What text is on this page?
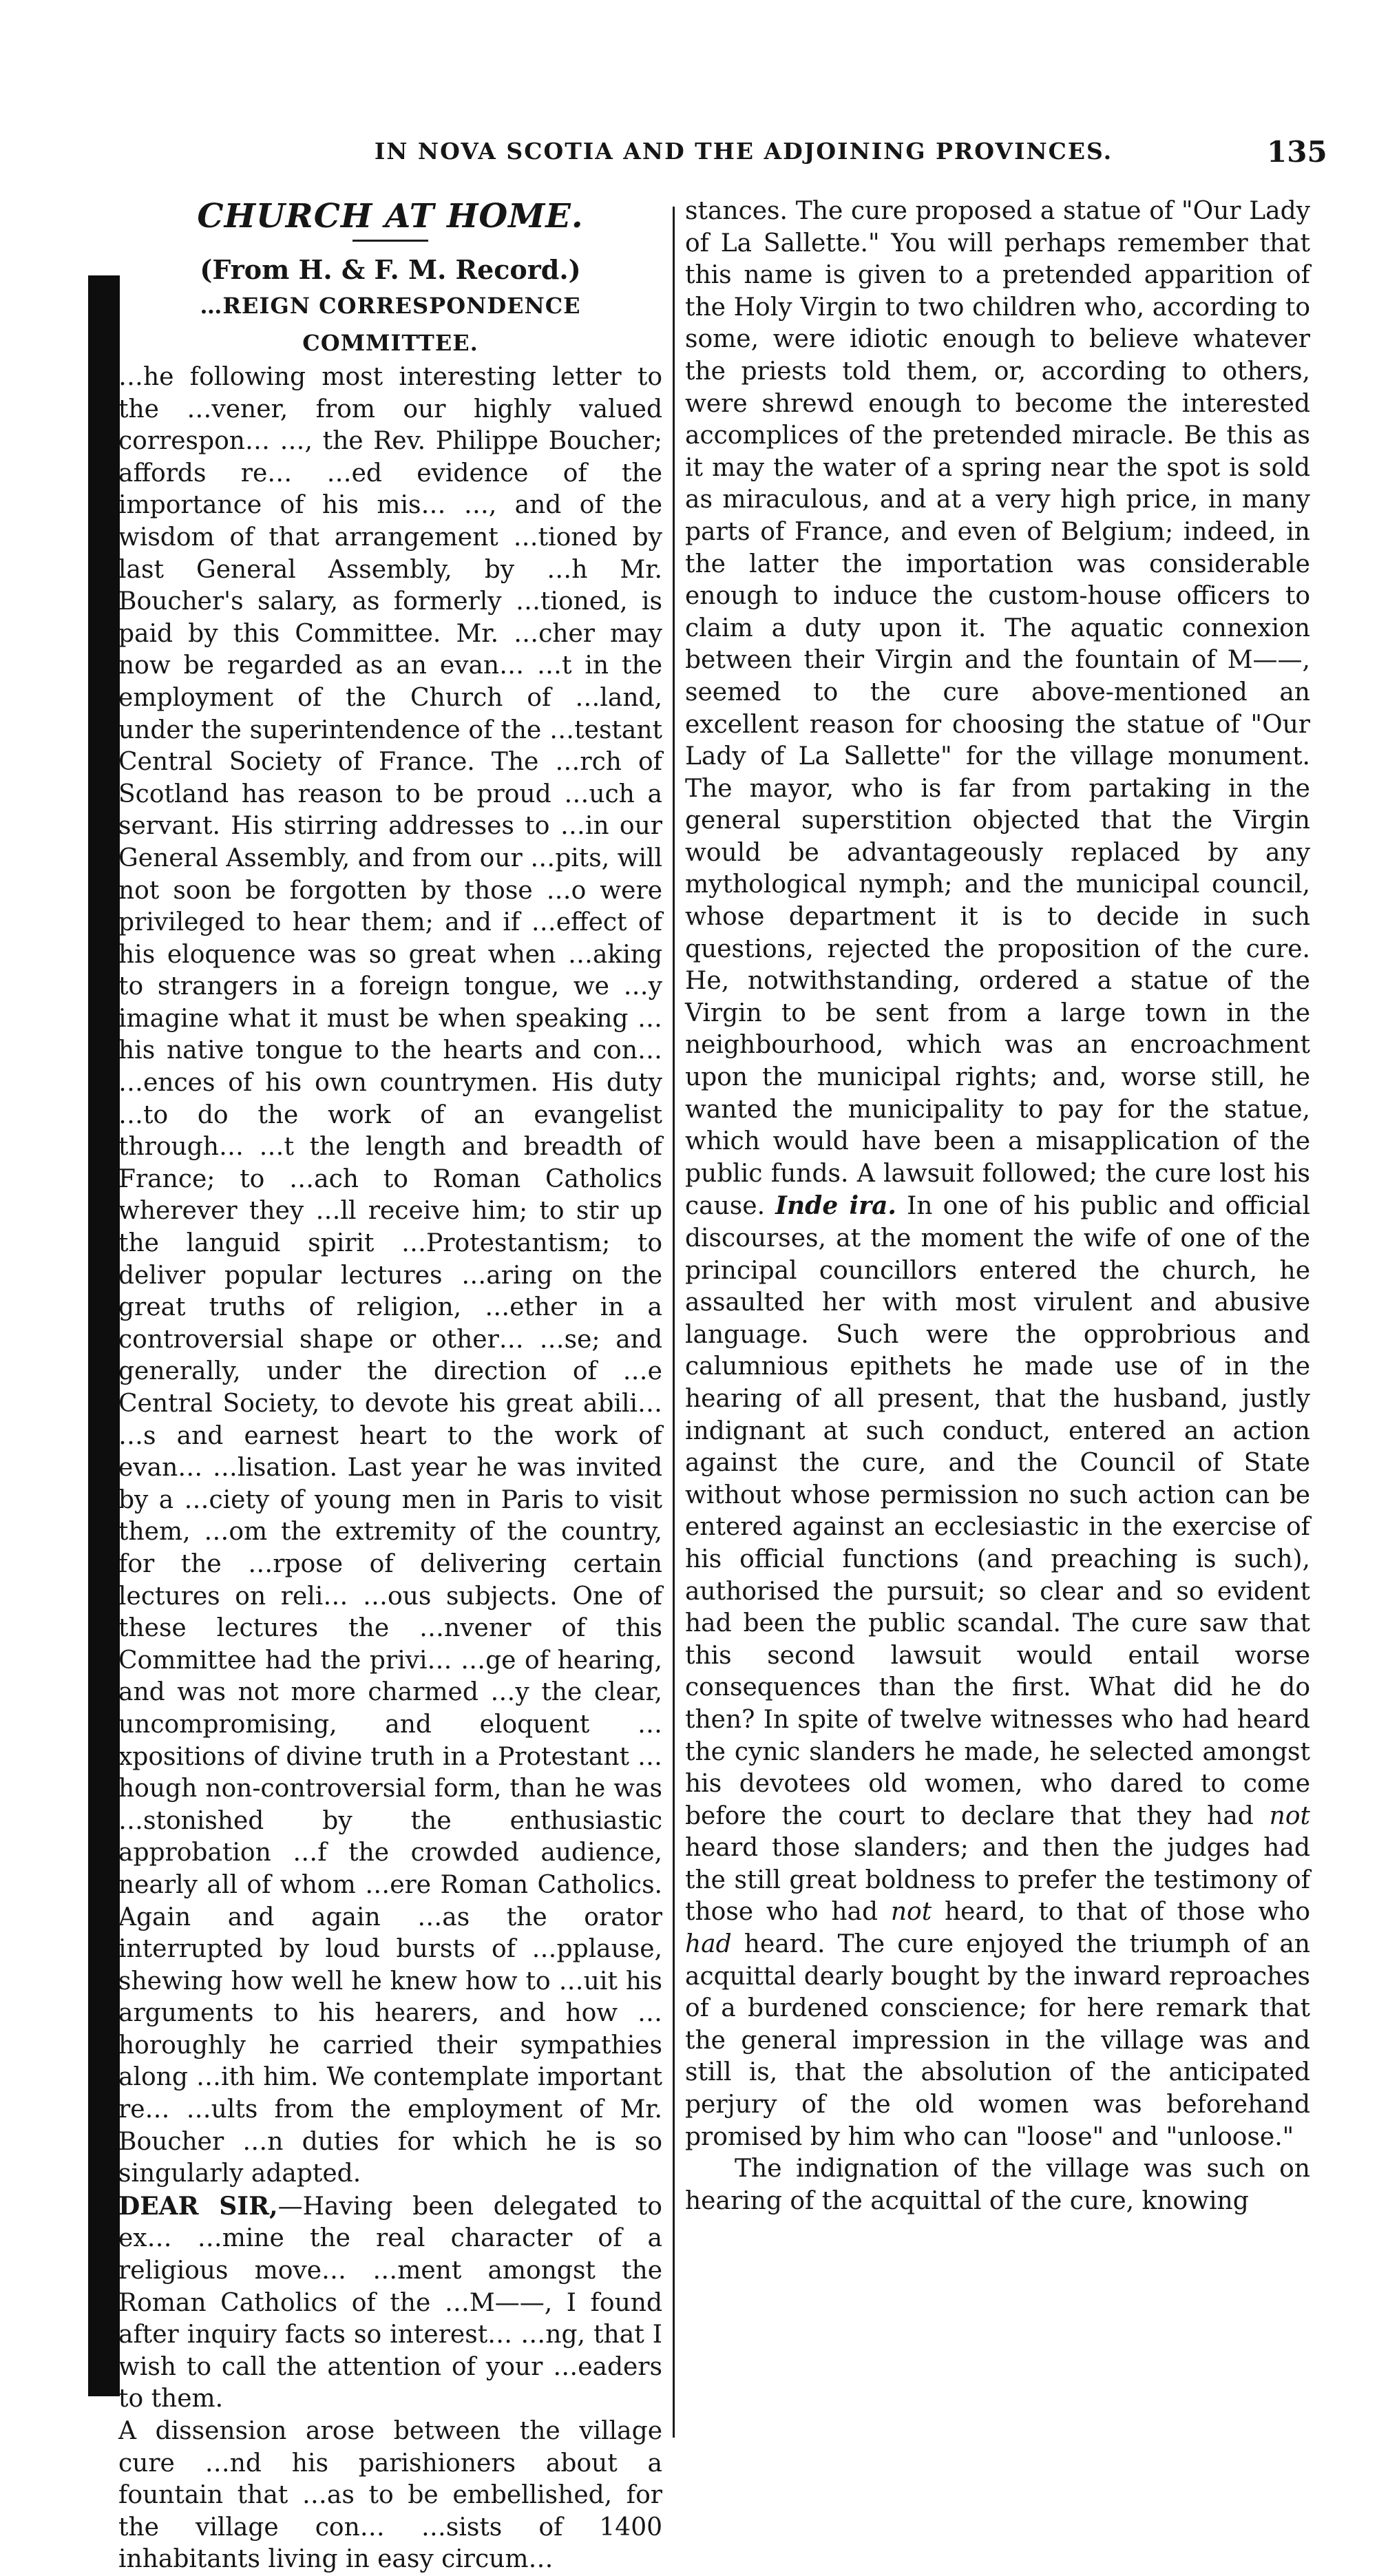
IN NOVA SCOTIA AND THE ADJOINING PROVINCES.	135
CHURCH AT HOME.
(From H. & F. M. Record.)
…REIGN CORRESPONDENCE COMMITTEE.

…he following most interesting letter to the …vener, from our highly valued correspon… …, the Rev. Philippe Boucher; affords re… …ed evidence of the importance of his mis… …, and of the wisdom of that arrangement …tioned by last General Assembly, by …h Mr. Boucher's salary, as formerly …tioned, is paid by this Committee. Mr. …cher may now be regarded as an evan… …t in the employment of the Church of …land, under the superintendence of the …testant Central Society of France. The …rch of Scotland has reason to be proud …uch a servant. His stirring addresses to …in our General Assembly, and from our …pits, will not soon be forgotten by those …o were privileged to hear them; and if …effect of his eloquence was so great when …aking to strangers in a foreign tongue, we …y imagine what it must be when speaking …his native tongue to the hearts and con… …ences of his own countrymen. His duty …to do the work of an evangelist through… …t the length and breadth of France; to …ach to Roman Catholics wherever they …ll receive him; to stir up the languid spirit …Protestantism; to deliver popular lectures …aring on the great truths of religion, …ether in a controversial shape or other… …se; and generally, under the direction of …e Central Society, to devote his great abili… …s and earnest heart to the work of evan… …lisation. Last year he was invited by a …ciety of young men in Paris to visit them, …om the extremity of the country, for the …rpose of delivering certain lectures on reli… …ous subjects. One of these lectures the …nvener of this Committee had the privi… …ge of hearing, and was not more charmed …y the clear, uncompromising, and eloquent …xpositions of divine truth in a Protestant …hough non-controversial form, than he was …stonished by the enthusiastic approbation …f the crowded audience, nearly all of whom …ere Roman Catholics. Again and again …as the orator interrupted by loud bursts of …pplause, shewing how well he knew how to …uit his arguments to his hearers, and how …horoughly he carried their sympathies along …ith him. We contemplate important re… …ults from the employment of Mr. Boucher …n duties for which he is so singularly adapted.

DEAR SIR,—Having been delegated to ex… …mine the real character of a religious move… …ment amongst the Roman Catholics of the …M——, I found after inquiry facts so interest… …ng, that I wish to call the attention of your …eaders to them.

A dissension arose between the village cure …nd his parishioners about a fountain that …as to be embellished, for the village con… …sists of 1400 inhabitants living in easy circum…

stances. The cure proposed a statue of "Our Lady of La Sallette." You will perhaps remember that this name is given to a pretended apparition of the Holy Virgin to two children who, according to some, were idiotic enough to believe whatever the priests told them, or, according to others, were shrewd enough to become the interested accomplices of the pretended miracle. Be this as it may the water of a spring near the spot is sold as miraculous, and at a very high price, in many parts of France, and even of Belgium; indeed, in the latter the importation was considerable enough to induce the custom-house officers to claim a duty upon it. The aquatic connexion between their Virgin and the fountain of M——, seemed to the cure above-mentioned an excellent reason for choosing the statue of "Our Lady of La Sallette" for the village monument. The mayor, who is far from partaking in the general superstition objected that the Virgin would be advantageously replaced by any mythological nymph; and the municipal council, whose department it is to decide in such questions, rejected the proposition of the cure. He, notwithstanding, ordered a statue of the Virgin to be sent from a large town in the neighbourhood, which was an encroachment upon the municipal rights; and, worse still, he wanted the municipality to pay for the statue, which would have been a misapplication of the public funds. A lawsuit followed; the cure lost his cause. Inde ira. In one of his public and official discourses, at the moment the wife of one of the principal councillors entered the church, he assaulted her with most virulent and abusive language. Such were the opprobrious and calumnious epithets he made use of in the hearing of all present, that the husband, justly indignant at such conduct, entered an action against the cure, and the Council of State without whose permission no such action can be entered against an ecclesiastic in the exercise of his official functions (and preaching is such), authorised the pursuit; so clear and so evident had been the public scandal. The cure saw that this second lawsuit would entail worse consequences than the first. What did he do then? In spite of twelve witnesses who had heard the cynic slanders he made, he selected amongst his devotees old women, who dared to come before the court to declare that they had not heard those slanders; and then the judges had the still great boldness to prefer the testimony of those who had not heard, to that of those who had heard. The cure enjoyed the triumph of an acquittal dearly bought by the inward reproaches of a burdened conscience; for here remark that the general impression in the village was and still is, that the absolution of the anticipated perjury of the old women was beforehand promised by him who can "loose" and "unloose."

The indignation of the village was such on hearing of the acquittal of the cure, knowing
